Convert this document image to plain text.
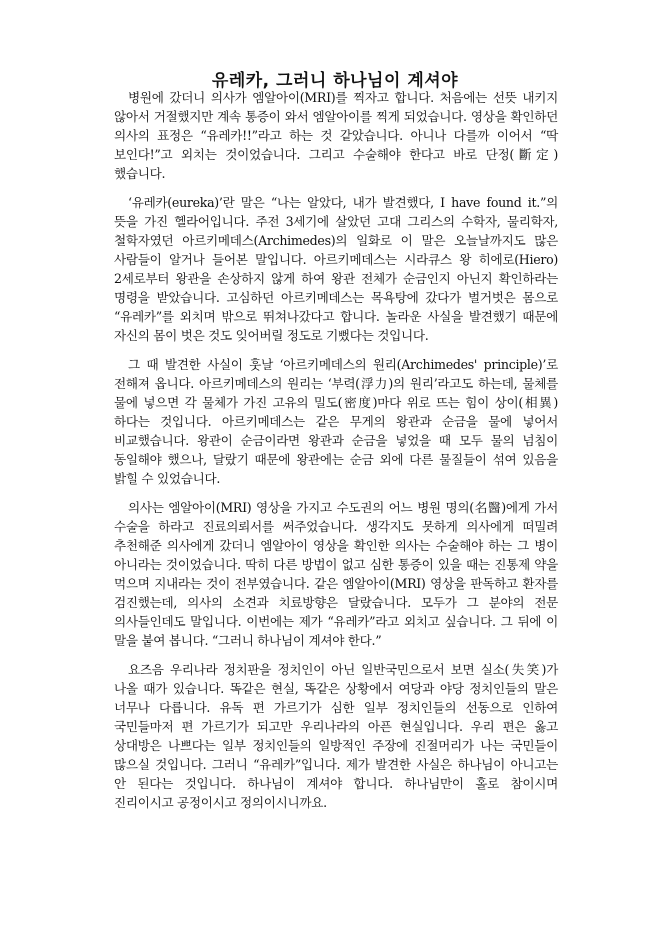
유레카, 그러니 하나님이 계셔야

병원에 갔더니 의사가 엠알아이(MRI)를 찍자고 합니다. 처음에는 선뜻 내키지 않아서 거절했지만 계속 통증이 와서 엠알아이를 찍게 되었습니다. 영상을 확인하던 의사의 표정은 “유레카!!”라고 하는 것 같았습니다. 아니나 다를까 이어서 “딱 보인다!”고 외치는 것이었습니다. 그리고 수술해야 한다고 바로 단정(斷定)했습니다.

‘유레카(eureka)’란 말은 “나는 알았다, 내가 발견했다, I have found it.”의 뜻을 가진 헬라어입니다. 주전 3세기에 살았던 고대 그리스의 수학자, 물리학자, 철학자였던 아르키메데스(Archimedes)의 일화로 이 말은 오늘날까지도 많은 사람들이 알거나 들어본 말입니다. 아르키메데스는 시라큐스 왕 히에로(Hiero) 2세로부터 왕관을 손상하지 않게 하여 왕관 전체가 순금인지 아닌지 확인하라는 명령을 받았습니다. 고심하던 아르키메데스는 목욕탕에 갔다가 벌거벗은 몸으로 “유레카”를 외치며 밖으로 뛰쳐나갔다고 합니다. 놀라운 사실을 발견했기 때문에 자신의 몸이 벗은 것도 잊어버릴 정도로 기뻤다는 것입니다.

그 때 발견한 사실이 훗날 ‘아르키메데스의 원리(Archimedes' principle)’로 전해져 옵니다. 아르키메데스의 원리는 ‘부력(浮力)의 원리’라고도 하는데, 물체를 물에 넣으면 각 물체가 가진 고유의 밀도(密度)마다 위로 뜨는 힘이 상이(相異)하다는 것입니다. 아르키메데스는 같은 무게의 왕관과 순금을 물에 넣어서 비교했습니다. 왕관이 순금이라면 왕관과 순금을 넣었을 때 모두 물의 넘침이 동일해야 했으나, 달랐기 때문에 왕관에는 순금 외에 다른 물질들이 섞여 있음을 밝힐 수 있었습니다.

의사는 엠알아이(MRI) 영상을 가지고 수도권의 어느 병원 명의(名醫)에게 가서 수술을 하라고 진료의뢰서를 써주었습니다. 생각지도 못하게 의사에게 떠밀려 추천해준 의사에게 갔더니 엠알아이 영상을 확인한 의사는 수술해야 하는 그 병이 아니라는 것이었습니다. 딱히 다른 방법이 없고 심한 통증이 있을 때는 진통제 약을 먹으며 지내라는 것이 전부였습니다. 같은 엠알아이(MRI) 영상을 판독하고 환자를 검진했는데, 의사의 소견과 치료방향은 달랐습니다. 모두가 그 분야의 전문 의사들인데도 말입니다. 이번에는 제가 “유레카”라고 외치고 싶습니다. 그 뒤에 이 말을 붙여 봅니다. “그러니 하나님이 계셔야 한다.”

요즈음 우리나라 정치판을 정치인이 아닌 일반국민으로서 보면 실소(失笑)가 나올 때가 있습니다. 똑같은 현실, 똑같은 상황에서 여당과 야당 정치인들의 말은 너무나 다릅니다. 유독 편 가르기가 심한 일부 정치인들의 선동으로 인하여 국민들마저 편 가르기가 되고만 우리나라의 아픈 현실입니다. 우리 편은 옳고 상대방은 나쁘다는 일부 정치인들의 일방적인 주장에 진절머리가 나는 국민들이 많으실 것입니다. 그러니 “유레카”입니다. 제가 발견한 사실은 하나님이 아니고는 안 된다는 것입니다. 하나님이 계셔야 합니다. 하나님만이 홀로 참이시며 진리이시고 공정이시고 정의이시니까요.
